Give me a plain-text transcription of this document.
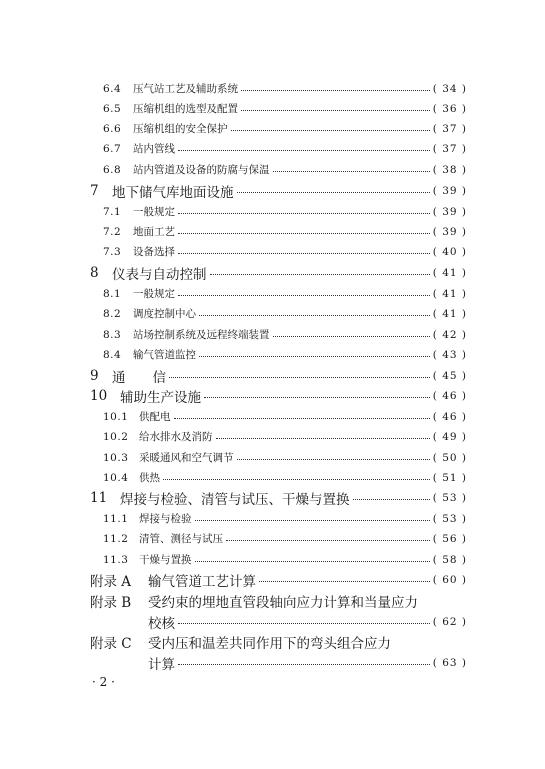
6.4	压气站工艺及辅助系统	( 34 )
6.5	压缩机组的选型及配置	( 36 )
6.6	压缩机组的安全保护	( 37 )
6.7	站内管线	( 37 )
6.8	站内管道及设备的防腐与保温	( 38 )
7 地下储气库地面设施	( 39 )
7.1	一般规定	( 39 )
7.2	地面工艺	( 39 )
7.3	设备选择	( 40 )
8 仪表与自动控制	( 41 )
8.1	一般规定	( 41 )
8.2	调度控制中心	( 41 )
8.3	站场控制系统及远程终端装置	( 42 )
8.4	输气管道监控	( 43 )
9 通　　信	( 45 )
10 辅助生产设施	( 46 )
10.1	供配电	( 46 )
10.2	给水排水及消防	( 49 )
10.3	采暖通风和空气调节	( 50 )
10.4	供热	( 51 )
11 焊接与检验、清管与试压、干燥与置换	( 53 )
11.1	焊接与检验	( 53 )
11.2	清管、测径与试压	( 56 )
11.3	干燥与置换	( 58 )
附录 A	输气管道工艺计算	( 60 )
附录 B	受约束的埋地直管段轴向应力计算和当量应力
校核	( 62 )
附录 C	受内压和温差共同作用下的弯头组合应力
计算	( 63 )
· 2 ·
